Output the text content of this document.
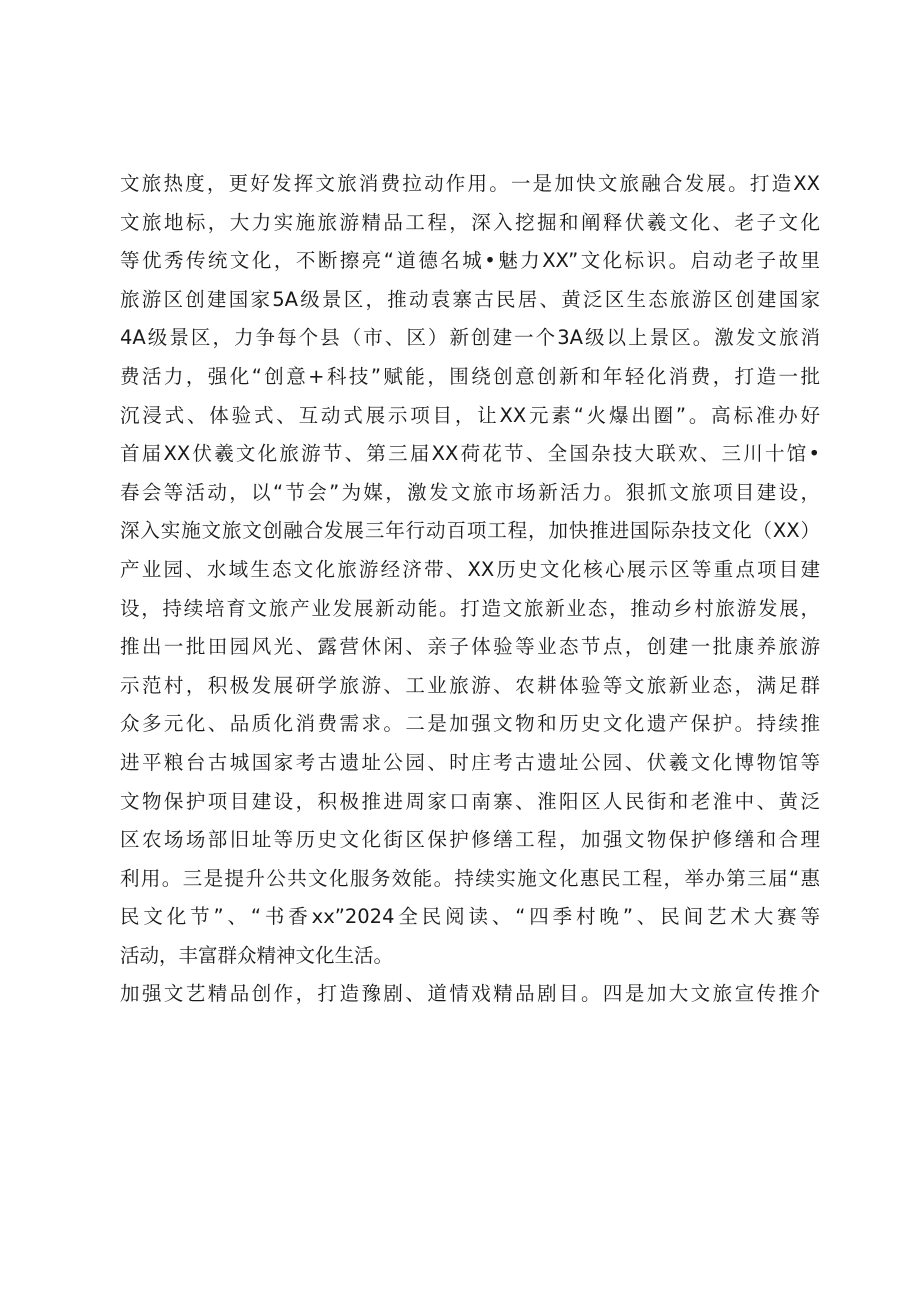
文旅热度，更好发挥文旅消费拉动作用。一是加快文旅融合发展。打造XX
文旅地标，大力实施旅游精品工程，深入挖掘和阐释伏羲文化、老子文化
等优秀传统文化，不断擦亮“道德名城•魅力XX”文化标识。启动老子故里
旅游区创建国家5A级景区，推动袁寨古民居、黄泛区生态旅游区创建国家
4A级景区，力争每个县（市、区）新创建一个3A级以上景区。激发文旅消
费活力，强化“创意+科技”赋能，围绕创意创新和年轻化消费，打造一批
沉浸式、体验式、互动式展示项目，让XX元素“火爆出圈”。高标准办好
首届XX伏羲文化旅游节、第三届XX荷花节、全国杂技大联欢、三川十馆•
春会等活动，以“节会”为媒，激发文旅市场新活力。狠抓文旅项目建设，
深入实施文旅文创融合发展三年行动百项工程，加快推进国际杂技文化（XX）
产业园、水域生态文化旅游经济带、XX历史文化核心展示区等重点项目建
设，持续培育文旅产业发展新动能。打造文旅新业态，推动乡村旅游发展，
推出一批田园风光、露营休闲、亲子体验等业态节点，创建一批康养旅游
示范村，积极发展研学旅游、工业旅游、农耕体验等文旅新业态，满足群
众多元化、品质化消费需求。二是加强文物和历史文化遗产保护。持续推
进平粮台古城国家考古遗址公园、时庄考古遗址公园、伏羲文化博物馆等
文物保护项目建设，积极推进周家口南寨、淮阳区人民街和老淮中、黄泛
区农场场部旧址等历史文化街区保护修缮工程，加强文物保护修缮和合理
利用。三是提升公共文化服务效能。持续实施文化惠民工程，举办第三届“惠
民文化节”、“书香xx”2024全民阅读、“四季村晚”、民间艺术大赛等
活动，丰富群众精神文化生活。
加强文艺精品创作，打造豫剧、道情戏精品剧目。四是加大文旅宣传推介
